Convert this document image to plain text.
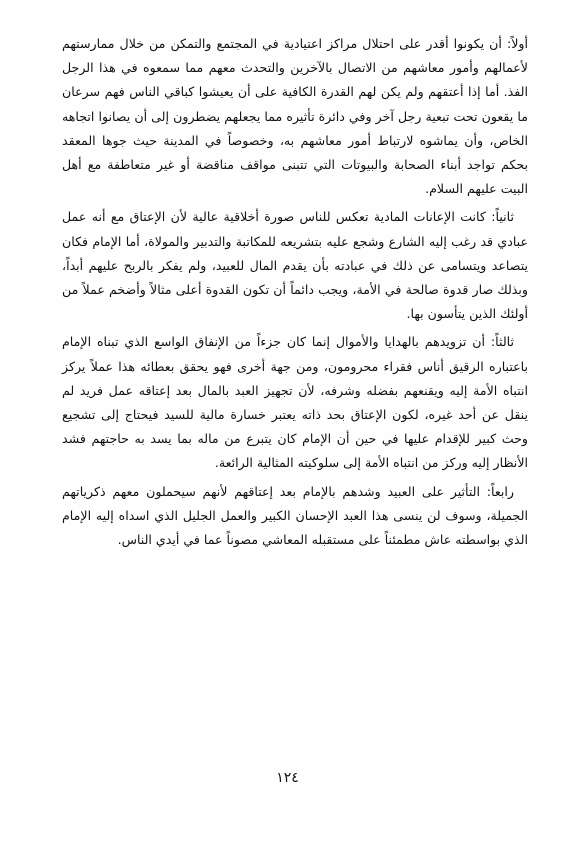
أولاً: أن يكونوا أقدر على احتلال مراكز اعتيادية في المجتمع والتمكن من خلال ممارستهم لأعمالهم وأمور معاشهم من الاتصال بالآخرين والتحدث معهم مما سمعوه في هذا الرجل الفذ. أما إذا أعتقهم ولم يكن لهم القدرة الكافية على أن يعيشوا كباقي الناس فهم سرعان ما يقعون تحت تبعية رجل آخر وفي دائرة تأثيره مما يجعلهم يضطرون إلى أن يصانوا اتجاهه الخاص، وأن يماشوه لارتباط أمور معاشهم به، وخصوصاً في المدينة حيث جوها المعقد بحكم تواجد أبناء الصحابة والبيوتات التي تتبنى مواقف مناقضة أو غير متعاطفة مع أهل البيت عليهم السلام.

ثانياً: كانت الإعانات المادية تعكس للناس صورة أخلاقية عالية لأن الإعتاق مع أنه عمل عبادي قد رغب إليه الشارع وشجع عليه بتشريعه للمكاتبة والتدبير والمولاة، أما الإمام فكان يتصاعد ويتسامى عن ذلك في عبادته بأن يقدم المال للعبيد، ولم يفكر بالربح عليهم أبداً، وبذلك صار قدوة صالحة في الأمة، ويجب دائماً أن تكون القدوة أعلى مثالاً وأضخم عملاً من أولئك الذين يتأسون بها.

ثالثاً: أن تزويدهم بالهدايا والأموال إنما كان جزءاً من الإنفاق الواسع الذي تبناه الإمام باعتباره الرقيق أناس فقراء محرومون، ومن جهة أخرى فهو يحقق بعطائه هذا عملاً يركز انتباه الأمة إليه ويقنعهم بفضله وشرفه، لأن تجهيز العبد بالمال بعد إعتاقه عمل فريد لم ينقل عن أحد غيره، لكون الإعتاق بحد ذاته يعتبر خسارة مالية للسيد فيحتاج إلى تشجيع وحث كبير للإقدام عليها في حين أن الإمام كان يتبرع من ماله بما يسد به حاجتهم فشد الأنظار إليه وركز من انتباه الأمة إلى سلوكيته المثالية الرائعة.

رابعاً: التأثير على العبيد وشدهم بالإمام بعد إعتاقهم لأنهم سيحملون معهم ذكرياتهم الجميلة، وسوف لن ينسى هذا العبد الإحسان الكبير والعمل الجليل الذي اسداه إليه الإمام الذي بواسطته عاش مطمئناً على مستقبله المعاشي مصوناً عما في أيدي الناس.

١٢٤
